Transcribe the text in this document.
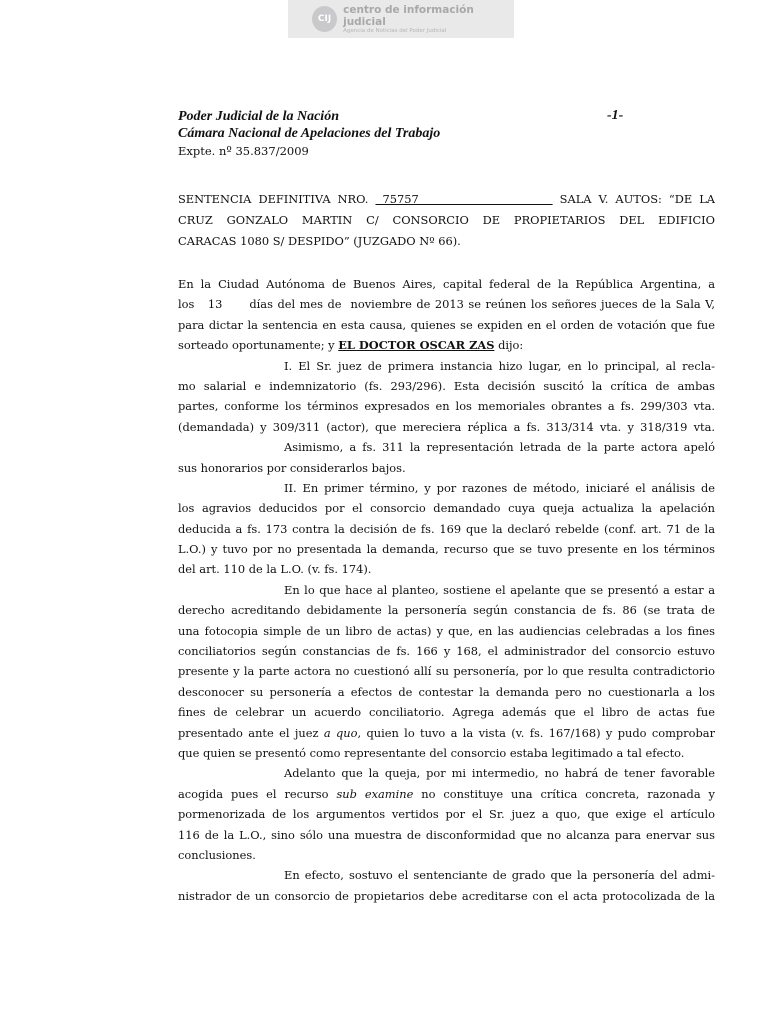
CIJ
centro de información judicial
Agencia de Noticias del Poder Judicial
Poder Judicial de la Nación
Cámara Nacional de Apelaciones del Trabajo
Expte. nº 35.837/2009
-1-
SENTENCIA DEFINITIVA NRO.  75757                    SALA V. AUTOS: “DE LA
CRUZ GONZALO MARTIN C/ CONSORCIO DE PROPIETARIOS DEL EDIFICIO
CARACAS 1080 S/ DESPIDO” (JUZGADO Nº 66).
En la Ciudad Autónoma de Buenos Aires, capital federal de la República Argentina, a
los   13      días del mes de  noviembre de 2013 se reúnen los señores jueces de la Sala V,
para dictar la sentencia en esta causa, quienes se expiden en el orden de votación que fue
sorteado oportunamente; y EL DOCTOR OSCAR ZAS dijo:
I. El Sr. juez de primera instancia hizo lugar, en lo principal, al recla-
mo salarial e indemnizatorio (fs. 293/296). Esta decisión suscitó la crítica de ambas
partes, conforme los términos expresados en los memoriales obrantes a fs. 299/303 vta.
(demandada) y 309/311 (actor), que mereciera réplica a fs. 313/314 vta. y 318/319 vta.
Asimismo, a fs. 311 la representación letrada de la parte actora apeló
sus honorarios por considerarlos bajos.
II. En primer término, y por razones de método, iniciaré el análisis de
los agravios deducidos por el consorcio demandado cuya queja actualiza la apelación
deducida a fs. 173 contra la decisión de fs. 169 que la declaró rebelde (conf. art. 71 de la
L.O.) y tuvo por no presentada la demanda, recurso que se tuvo presente en los términos
del art. 110 de la L.O. (v. fs. 174).
En lo que hace al planteo, sostiene el apelante que se presentó a estar a
derecho acreditando debidamente la personería según constancia de fs. 86 (se trata de
una fotocopia simple de un libro de actas) y que, en las audiencias celebradas a los fines
conciliatorios según constancias de fs. 166 y 168, el administrador del consorcio estuvo
presente y la parte actora no cuestionó allí su personería, por lo que resulta contradictorio
desconocer su personería a efectos de contestar la demanda pero no cuestionarla a los
fines de celebrar un acuerdo conciliatorio. Agrega además que el libro de actas fue
presentado ante el juez a quo, quien lo tuvo a la vista (v. fs. 167/168) y pudo comprobar
que quien se presentó como representante del consorcio estaba legitimado a tal efecto.
Adelanto que la queja, por mi intermedio, no habrá de tener favorable
acogida pues el recurso sub examine no constituye una crítica concreta, razonada y
pormenorizada de los argumentos vertidos por el Sr. juez a quo, que exige el artículo
116 de la L.O., sino sólo una muestra de disconformidad que no alcanza para enervar sus
conclusiones.
En efecto, sostuvo el sentenciante de grado que la personería del admi-
nistrador de un consorcio de propietarios debe acreditarse con el acta protocolizada de la
